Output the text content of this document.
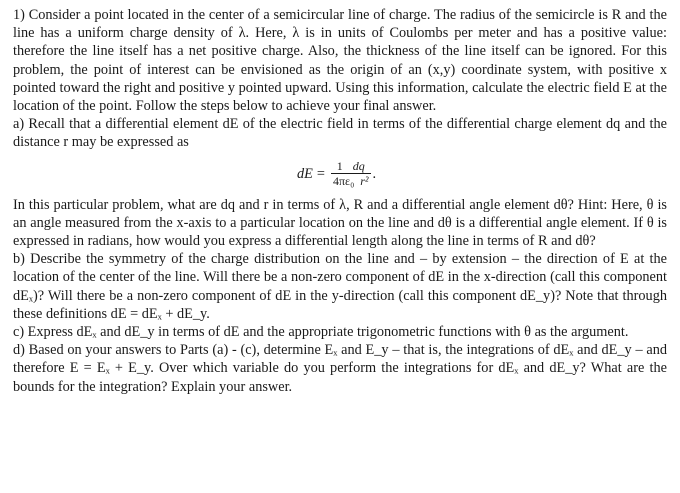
1) Consider a point located in the center of a semicircular line of charge. The radius of the semicircle is R and the line has a uniform charge density of λ. Here, λ is in units of Coulombs per meter and has a positive value: therefore the line itself has a net positive charge. Also, the thickness of the line itself can be ignored. For this problem, the point of interest can be envisioned as the origin of an (x,y) coordinate system, with positive x pointed toward the right and positive y pointed upward. Using this information, calculate the electric field E at the location of the point. Follow the steps below to achieve your final answer.

a) Recall that a differential element dE of the electric field in terms of the differential charge element dq and the distance r may be expressed as

dE = $\frac{1 dq}{\text{4πε₀ r²}}$ .

In this particular problem, what are dq and r in terms of λ, R and a differential angle element dθ? Hint: Here, θ is an angle measured from the x-axis to a particular location on the line and dθ is a differential angle element. If θ is expressed in radians, how would you express a differential length along the line in terms of R and dθ?

b) Describe the symmetry of the charge distribution on the line and – by extension – the direction of E at the location of the center of the line. Will there be a non-zero component of dE in the x-direction (call this component dEₓ)? Will there be a non-zero component of dE in the y-direction (call this component dE_y)? Note that through these definitions dE = dEₓ + dE_y.

c) Express dEₓ and dE_y in terms of dE and the appropriate trigonometric functions with θ as the argument.

d) Based on your answers to Parts (a) - (c), determine Eₓ and E_y – that is, the integrations of dEₓ and dE_y – and therefore E = Eₓ + E_y. Over which variable do you perform the integrations for dEₓ and dE_y? What are the bounds for the integration? Explain your answer.
